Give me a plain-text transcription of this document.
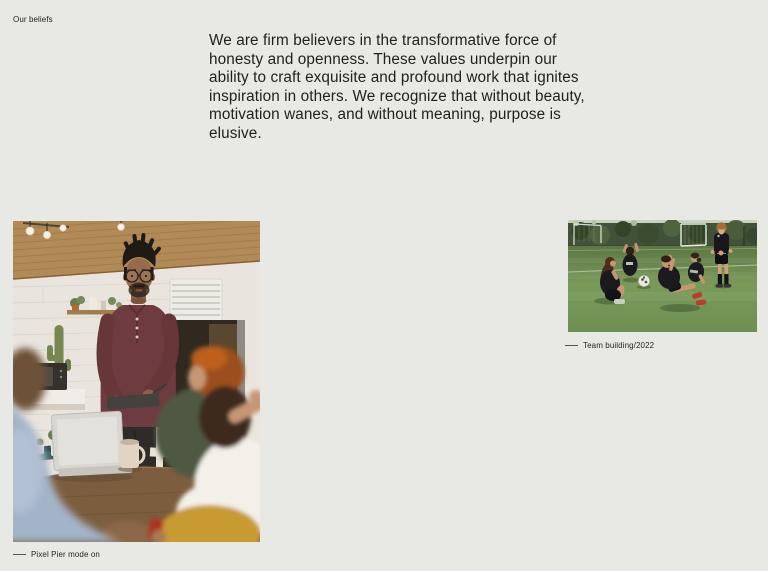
Our beliefs

We are firm believers in the transformative force of honesty and openness. These values underpin our ability to craft exquisite and profound work that ignites inspiration in others. We recognize that without beauty, motivation wanes, and without meaning, purpose is elusive.

Pixel Pier mode on
Team building/2022
